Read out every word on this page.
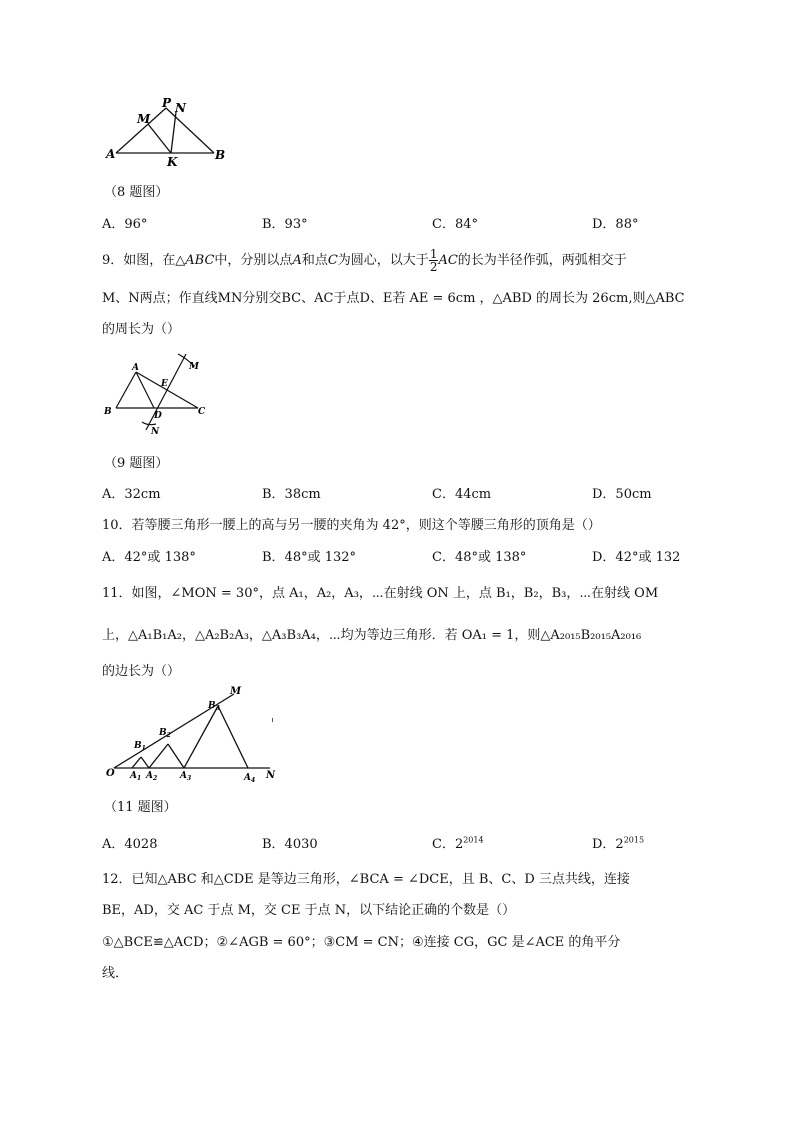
P N
M
A
K	B
（8 题图）
A．96°	B．93°	C．84°	D．88°
9．如图，在△ABC中，分别以点A和点C为圆心，以大于 $\frac{1}{2}$ AC的长为半径作弧，两弧相交于
M、N两点；作直线MN分别交BC、AC于点D、E若 AE = 6cm ，△ABD 的周长为 26cm,则△ABC
的周长为（）
A
E
M
B	D	C
N
（9 题图）
A．32cm	B．38cm	C．44cm	D．50cm
10．若等腰三角形一腰上的高与另一腰的夹角为 42°，则这个等腰三角形的顶角是（）
A．42°或 138°	B．48°或 132°	C．48°或 138°	D．42°或 132
11．如图，∠MON = 30°，点 A₁，A₂，A₃，⋯在射线 ON 上，点 B₁，B₂，B₃，⋯在射线 OM
上，△A₁B₁A₂，△A₂B₂A₃，△A₃B₃A₄，⋯均为等边三角形．若 OA₁ = 1，则△A₂₀₁₅B₂₀₁₅A₂₀₁₆
的边长为（）
M
$B_3$
$B_2$
$B_1$
O $A_1$ $A_2$	$A_3$	$A_4$ N
（11 题图）
A．4028	B．4030	C．$2^{2014}$	D．$2^{2015}$
12．已知△ABC 和△CDE 是等边三角形，∠BCA = ∠DCE，且 B、C、D 三点共线，连接
BE，AD，交 AC 于点 M，交 CE 于点 N，以下结论正确的个数是（）
①△BCE≌△ACD；②∠AGB = 60°；③CM = CN；④连接 CG，GC 是∠ACE 的角平分
线．
